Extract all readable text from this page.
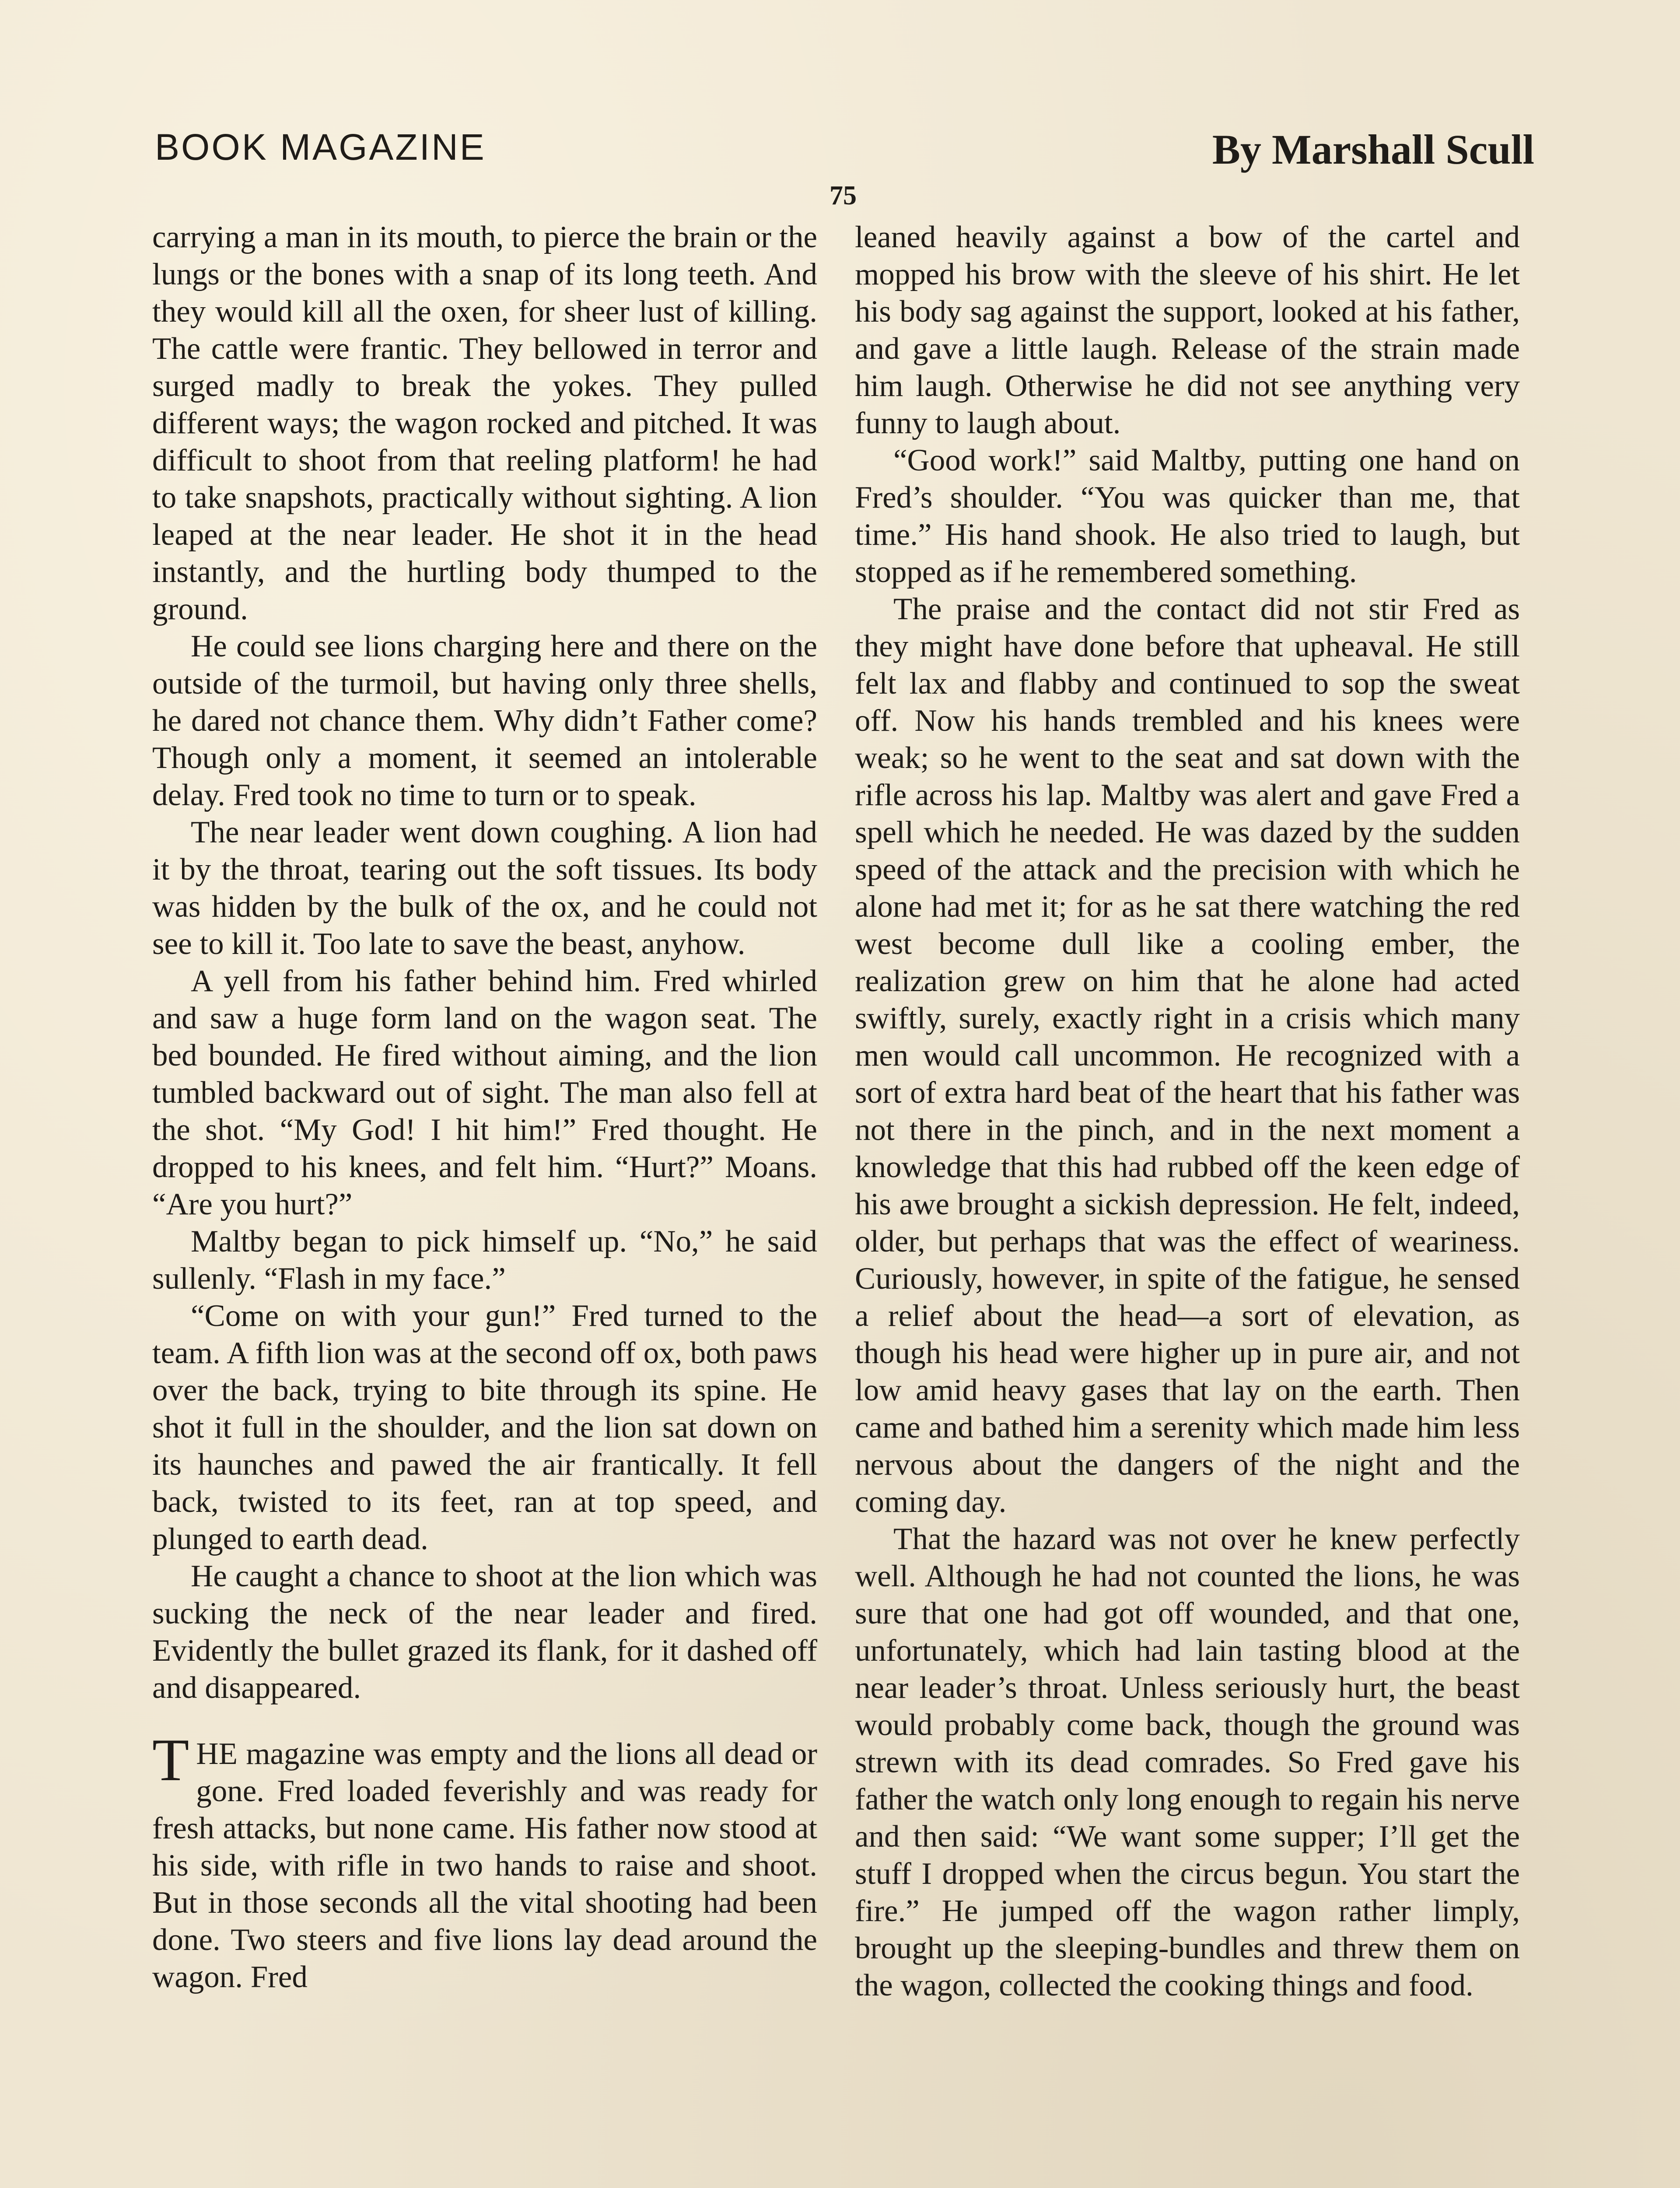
BOOK MAGAZINE	By Marshall Scull
75

carrying a man in its mouth, to pierce the brain or the lungs or the bones with a snap of its long teeth. And they would kill all the oxen, for sheer lust of killing. The cattle were frantic. They bellowed in terror and surged madly to break the yokes. They pulled different ways; the wagon rocked and pitched. It was difficult to shoot from that reeling platform! he had to take snapshots, practically without sighting. A lion leaped at the near leader. He shot it in the head instantly, and the hurtling body thumped to the ground.

He could see lions charging here and there on the outside of the turmoil, but having only three shells, he dared not chance them. Why didn’t Father come? Though only a moment, it seemed an intolerable delay. Fred took no time to turn or to speak.

The near leader went down coughing. A lion had it by the throat, tearing out the soft tissues. Its body was hidden by the bulk of the ox, and he could not see to kill it. Too late to save the beast, anyhow.

A yell from his father behind him. Fred whirled and saw a huge form land on the wagon seat. The bed bounded. He fired without aiming, and the lion tumbled backward out of sight. The man also fell at the shot. “My God! I hit him!” Fred thought. He dropped to his knees, and felt him. “Hurt?” Moans. “Are you hurt?”

Maltby began to pick himself up. “No,” he said sullenly. “Flash in my face.”

“Come on with your gun!” Fred turned to the team. A fifth lion was at the second off ox, both paws over the back, trying to bite through its spine. He shot it full in the shoulder, and the lion sat down on its haunches and pawed the air frantically. It fell back, twisted to its feet, ran at top speed, and plunged to earth dead.

He caught a chance to shoot at the lion which was sucking the neck of the near leader and fired. Evidently the bullet grazed its flank, for it dashed off and disappeared.

THE magazine was empty and the lions all dead or gone. Fred loaded feverishly and was ready for fresh attacks, but none came. His father now stood at his side, with rifle in two hands to raise and shoot. But in those seconds all the vital shooting had been done. Two steers and five lions lay dead around the wagon. Fred

leaned heavily against a bow of the cartel and mopped his brow with the sleeve of his shirt. He let his body sag against the support, looked at his father, and gave a little laugh. Release of the strain made him laugh. Otherwise he did not see anything very funny to laugh about.

“Good work!” said Maltby, putting one hand on Fred’s shoulder. “You was quicker than me, that time.” His hand shook. He also tried to laugh, but stopped as if he remembered something.

The praise and the contact did not stir Fred as they might have done before that upheaval. He still felt lax and flabby and continued to sop the sweat off. Now his hands trembled and his knees were weak; so he went to the seat and sat down with the rifle across his lap. Maltby was alert and gave Fred a spell which he needed. He was dazed by the sudden speed of the attack and the precision with which he alone had met it; for as he sat there watching the red west become dull like a cooling ember, the realization grew on him that he alone had acted swiftly, surely, exactly right in a crisis which many men would call uncommon. He recognized with a sort of extra hard beat of the heart that his father was not there in the pinch, and in the next moment a knowledge that this had rubbed off the keen edge of his awe brought a sickish depression. He felt, indeed, older, but perhaps that was the effect of weariness. Curiously, however, in spite of the fatigue, he sensed a relief about the head—a sort of elevation, as though his head were higher up in pure air, and not low amid heavy gases that lay on the earth. Then came and bathed him a serenity which made him less nervous about the dangers of the night and the coming day.

That the hazard was not over he knew perfectly well. Although he had not counted the lions, he was sure that one had got off wounded, and that one, unfortunately, which had lain tasting blood at the near leader’s throat. Unless seriously hurt, the beast would probably come back, though the ground was strewn with its dead comrades. So Fred gave his father the watch only long enough to regain his nerve and then said: “We want some supper; I’ll get the stuff I dropped when the circus begun. You start the fire.” He jumped off the wagon rather limply, brought up the sleeping-bundles and threw them on the wagon, collected the cooking things and food.
